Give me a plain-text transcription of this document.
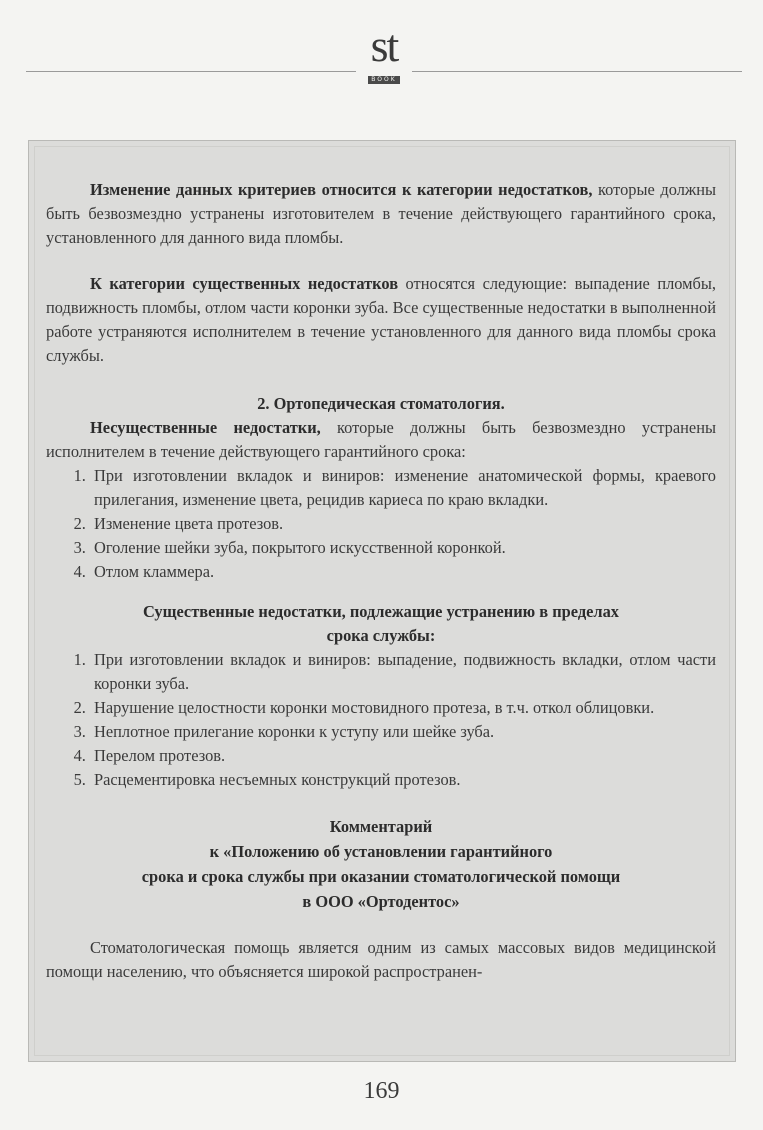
st
BOOK

Изменение данных критериев относится к категории недостатков, которые должны быть безвозмездно устранены изготовителем в течение действующего гарантийного срока, установленного для данного вида пломбы.

К категории существенных недостатков относятся следующие: выпадение пломбы, подвижность пломбы, отлом части коронки зуба. Все существенные недостатки в выполненной работе устраняются исполнителем в течение установленного для данного вида пломбы срока службы.

2. Ортопедическая стоматология.

Несущественные недостатки, которые должны быть безвозмездно устранены исполнителем в течение действующего гарантийного срока:

1. При изготовлении вкладок и виниров: изменение анатомической формы, краевого прилегания, изменение цвета, рецидив кариеса по краю вкладки.
2. Изменение цвета протезов.
3. Оголение шейки зуба, покрытого искусственной коронкой.
4. Отлом кламмера.
Существенные недостатки, подлежащие устранению в пределах
срока службы:
1. При изготовлении вкладок и виниров: выпадение, подвижность вкладки, отлом части коронки зуба.
2. Нарушение целостности коронки мостовидного протеза, в т.ч. откол облицовки.
3. Неплотное прилегание коронки к уступу или шейке зуба.
4. Перелом протезов.
5. Расцементировка несъемных конструкций протезов.
Комментарий
к «Положению об установлении гарантийного
срока и срока службы при оказании стоматологической помощи
в ООО «Ортодентос»

Стоматологическая помощь является одним из самых массовых видов медицинской помощи населению, что объясняется широкой распространен-

169
